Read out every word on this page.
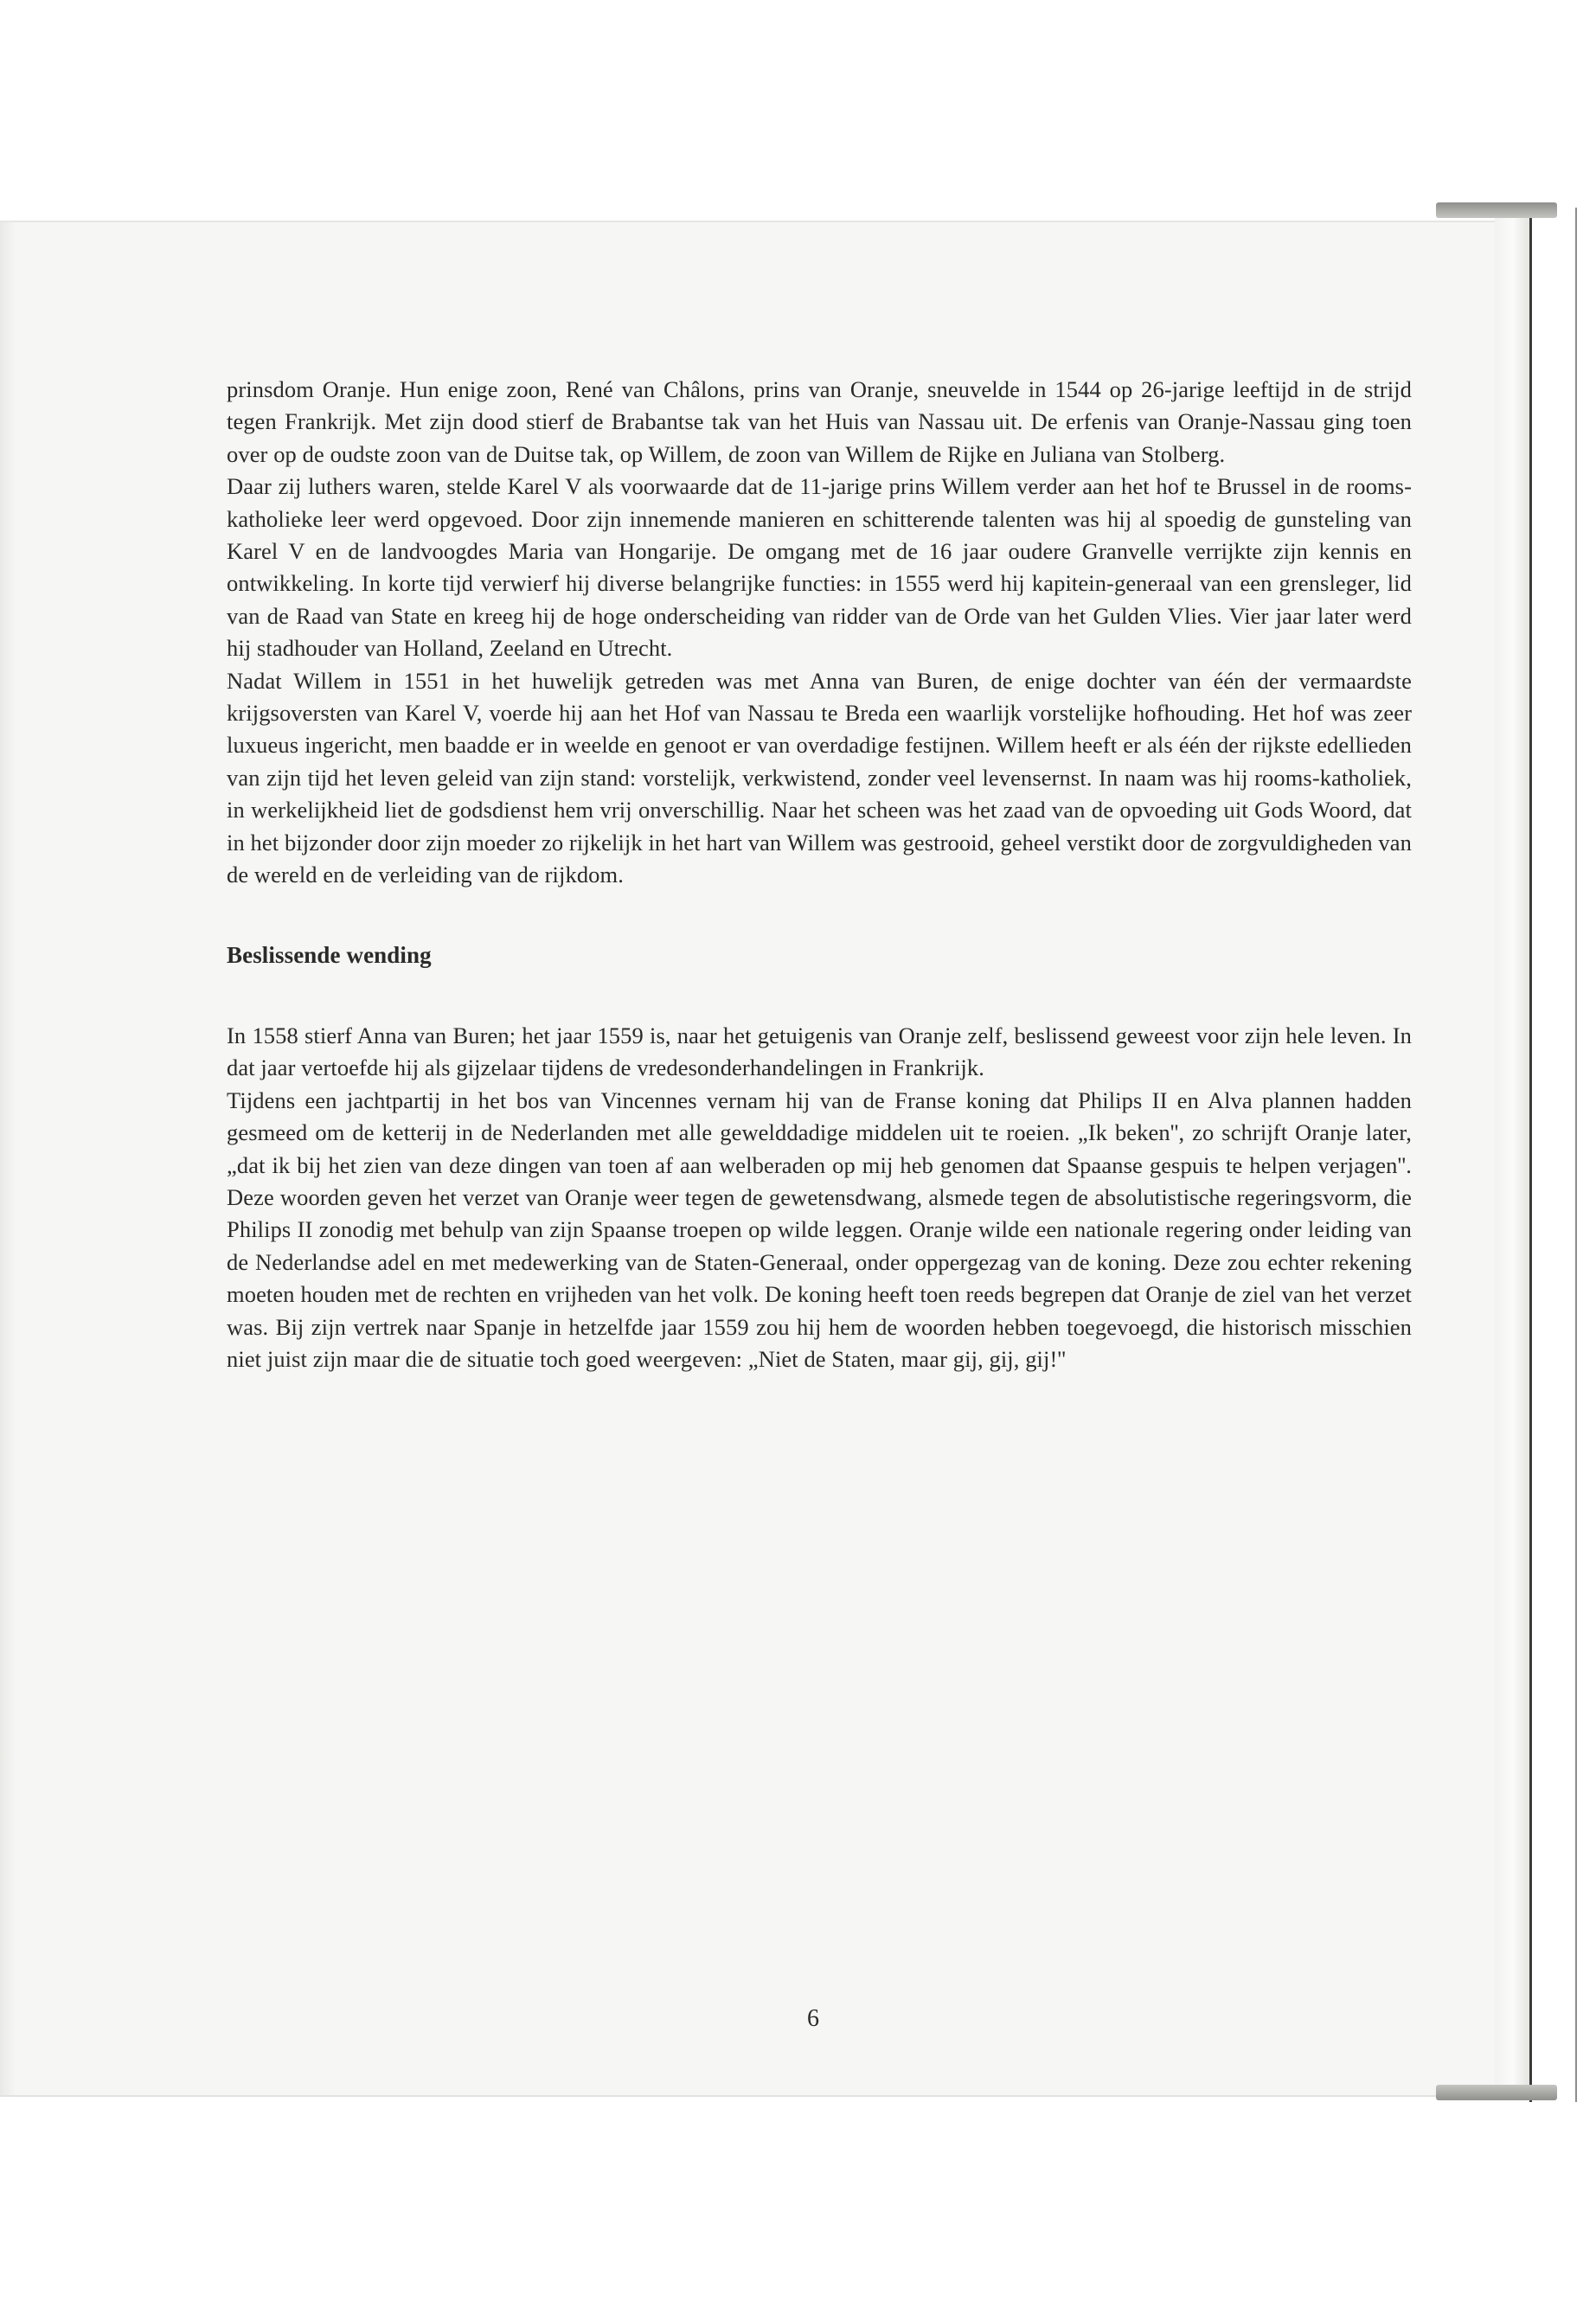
prinsdom Oranje. Hun enige zoon, René van Châlons, prins van Oranje, sneuvelde in 1544 op 26-jarige leeftijd in de strijd tegen Frankrijk. Met zijn dood stierf de Brabantse tak van het Huis van Nassau uit. De erfenis van Oranje-Nassau ging toen over op de oudste zoon van de Duitse tak, op Willem, de zoon van Willem de Rijke en Juliana van Stolberg.

Daar zij luthers waren, stelde Karel V als voorwaarde dat de 11-jarige prins Willem verder aan het hof te Brussel in de rooms-katholieke leer werd opgevoed. Door zijn innemende manieren en schitterende talenten was hij al spoedig de gunsteling van Karel V en de landvoogdes Maria van Hongarije. De omgang met de 16 jaar oudere Granvelle verrijkte zijn kennis en ontwikkeling. In korte tijd verwierf hij diverse belangrijke functies: in 1555 werd hij kapitein-generaal van een grensleger, lid van de Raad van State en kreeg hij de hoge onderscheiding van ridder van de Orde van het Gulden Vlies. Vier jaar later werd hij stadhouder van Holland, Zeeland en Utrecht.

Nadat Willem in 1551 in het huwelijk getreden was met Anna van Buren, de enige dochter van één der vermaardste krijgsoversten van Karel V, voerde hij aan het Hof van Nassau te Breda een waarlijk vorstelijke hofhouding. Het hof was zeer luxueus ingericht, men baadde er in weelde en genoot er van overdadige festijnen. Willem heeft er als één der rijkste edellieden van zijn tijd het leven geleid van zijn stand: vorstelijk, verkwistend, zonder veel levensernst. In naam was hij rooms-katholiek, in werkelijkheid liet de godsdienst hem vrij onverschillig. Naar het scheen was het zaad van de opvoeding uit Gods Woord, dat in het bijzonder door zijn moeder zo rijkelijk in het hart van Willem was gestrooid, geheel verstikt door de zorgvuldigheden van de wereld en de verleiding van de rijkdom.

Beslissende wending

In 1558 stierf Anna van Buren; het jaar 1559 is, naar het getuigenis van Oranje zelf, beslissend geweest voor zijn hele leven. In dat jaar vertoefde hij als gijzelaar tijdens de vredesonderhandelingen in Frankrijk.

Tijdens een jachtpartij in het bos van Vincennes vernam hij van de Franse koning dat Philips II en Alva plannen hadden gesmeed om de ketterij in de Nederlanden met alle gewelddadige middelen uit te roeien. „Ik beken'', zo schrijft Oranje later, „dat ik bij het zien van deze dingen van toen af aan welberaden op mij heb genomen dat Spaanse gespuis te helpen verjagen''. Deze woorden geven het verzet van Oranje weer tegen de gewetensdwang, alsmede tegen de absolutistische regeringsvorm, die Philips II zonodig met behulp van zijn Spaanse troepen op wilde leggen. Oranje wilde een nationale regering onder leiding van de Nederlandse adel en met medewerking van de Staten-Generaal, onder oppergezag van de koning. Deze zou echter rekening moeten houden met de rechten en vrijheden van het volk. De koning heeft toen reeds begrepen dat Oranje de ziel van het verzet was. Bij zijn vertrek naar Spanje in hetzelfde jaar 1559 zou hij hem de woorden hebben toegevoegd, die historisch misschien niet juist zijn maar die de situatie toch goed weergeven: „Niet de Staten, maar gij, gij, gij!''

6
